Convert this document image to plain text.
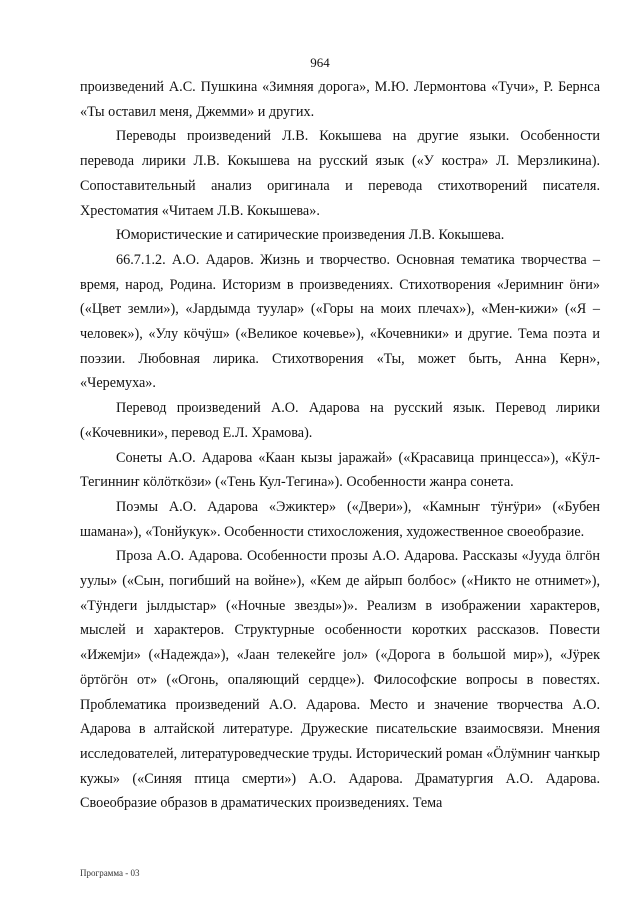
964

произведений А.С. Пушкина «Зимняя дорога», М.Ю. Лермонтова «Тучи», Р. Бернса «Ты оставил меня, Джемми» и других.

Переводы произведений Л.В. Кокышева на другие языки. Особенности перевода лирики Л.В. Кокышева на русский язык («У костра» Л. Мерзликина). Сопоставительный анализ оригинала и перевода стихотворений писателя. Хрестоматия «Читаем Л.В. Кокышева».

Юмористические и сатирические произведения Л.В. Кокышева.

66.7.1.2. А.О. Адаров. Жизнь и творчество. Основная тематика творчества – время, народ, Родина. Историзм в произведениях. Стихотворения «Јеримниҥ ӧҥи» («Цвет земли»), «Јардымда туулар» («Горы на моих плечах»), «Мен-кижи» («Я – человек»), «Улу кӧчӱш» («Великое кочевье»), «Кочевники» и другие. Тема поэта и поэзии. Любовная лирика. Стихотворения «Ты, может быть, Анна Керн», «Черемуха».

Перевод произведений А.О. Адарова на русский язык. Перевод лирики («Кочевники», перевод Е.Л. Храмова).

Сонеты А.О. Адарова «Каан кызы јаражай» («Красавица принцесса»), «Кӱл-Тегинниҥ кӧлӧткӧзи» («Тень Кул-Тегина»). Особенности жанра сонета.

Поэмы А.О. Адарова «Эжиктер» («Двери»), «Камныҥ тӱҥӱри» («Бубен шамана»), «Тонйукук». Особенности стихосложения, художественное своеобразие.

Проза А.О. Адарова. Особенности прозы А.О. Адарова. Рассказы «Јууда ӧлгӧн уулы» («Сын, погибший на войне»), «Кем де айрып болбос» («Никто не отнимет»), «Тӱндеги јылдыстар» («Ночные звезды»)». Реализм в изображении характеров, мыслей и характеров. Структурные особенности коротких рассказов. Повести «Ижемји» («Надежда»), «Јаан телекейге јол» («Дорога в большой мир»), «Јӱрек ӧртӧгӧн от» («Огонь, опаляющий сердце»). Философские вопросы в повестях. Проблематика произведений А.О. Адарова. Место и значение творчества А.О. Адарова в алтайской литературе. Дружеские писательские взаимосвязи. Мнения исследователей, литературоведческие труды. Исторический роман «Ӧлӱмниҥ чаҥкыр кужы» («Синяя птица смерти») А.О. Адарова. Драматургия А.О. Адарова. Своеобразие образов в драматических произведениях. Тема

Программа - 03
